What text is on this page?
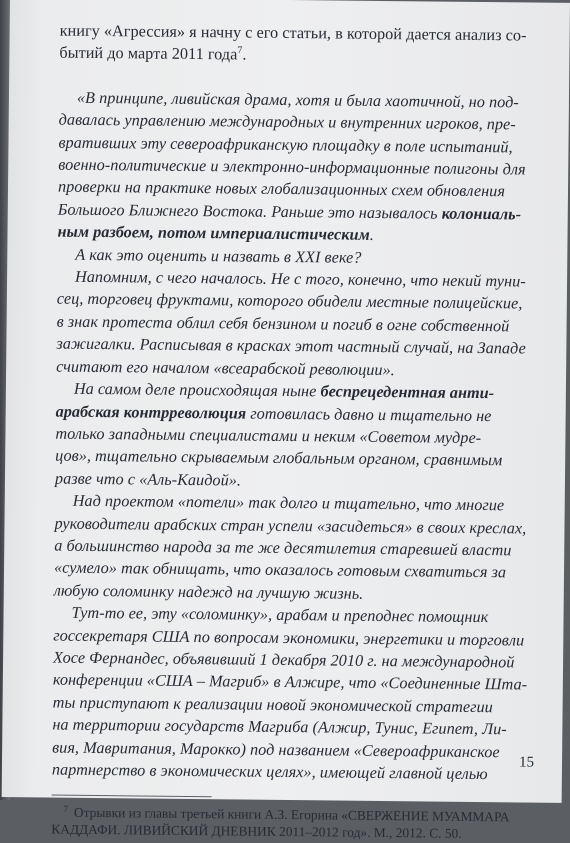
книгу «Агрессия» я начну с его статьи, в которой дается анализ со-
бытий до марта 2011 года$^7$.
«В принципе, ливийская драма, хотя и была хаотичной, но под-
давалась управлению международных и внутренних игроков, пре-
вративших эту североафриканскую площадку в поле испытаний,
военно-политические и электронно-информационные полигоны для
проверки на практике новых глобализационных схем обновления
Большого Ближнего Востока. Раньше это называлось колониаль-
ным разбоем, потом империалистическим.
А как это оценить и назвать в XXI веке?
Напомним, с чего началось. Не с того, конечно, что некий туни-
сец, торговец фруктами, которого обидели местные полицейские,
в знак протеста облил себя бензином и погиб в огне собственной
зажигалки. Расписывая в красках этот частный случай, на Западе
считают его началом «всеарабской революции».
На самом деле происходящая ныне беспрецедентная анти-
арабская контрреволюция готовилась давно и тщательно не
только западными специалистами и неким «Советом мудре-
цов», тщательно скрываемым глобальным органом, сравнимым
разве что с «Аль-Каидой».
Над проектом «потели» так долго и тщательно, что многие
руководители арабских стран успели «засидеться» в своих креслах,
а большинство народа за те же десятилетия старевшей власти
«сумело» так обнищать, что оказалось готовым схватиться за
любую соломинку надежд на лучшую жизнь.
Тут-то ее, эту «соломинку», арабам и преподнес помощник
госсекретаря США по вопросам экономики, энергетики и торговли
Хосе Фернандес, объявивший 1 декабря 2010 г. на международной
конференции «США – Магриб» в Алжире, что «Соединенные Шта-
ты приступают к реализации новой экономической стратегии
на территории государств Магриба (Алжир, Тунис, Египет, Ли-
вия, Мавритания, Марокко) под названием «Североафриканское
партнерство в экономических целях», имеющей главной целью
$^7$ Отрывки из главы третьей книги А.З. Егорина «СВЕРЖЕНИЕ МУАММАРА
КАДДАФИ. ЛИВИЙСКИЙ ДНЕВНИК 2011–2012 год». М., 2012. С. 50.
15
